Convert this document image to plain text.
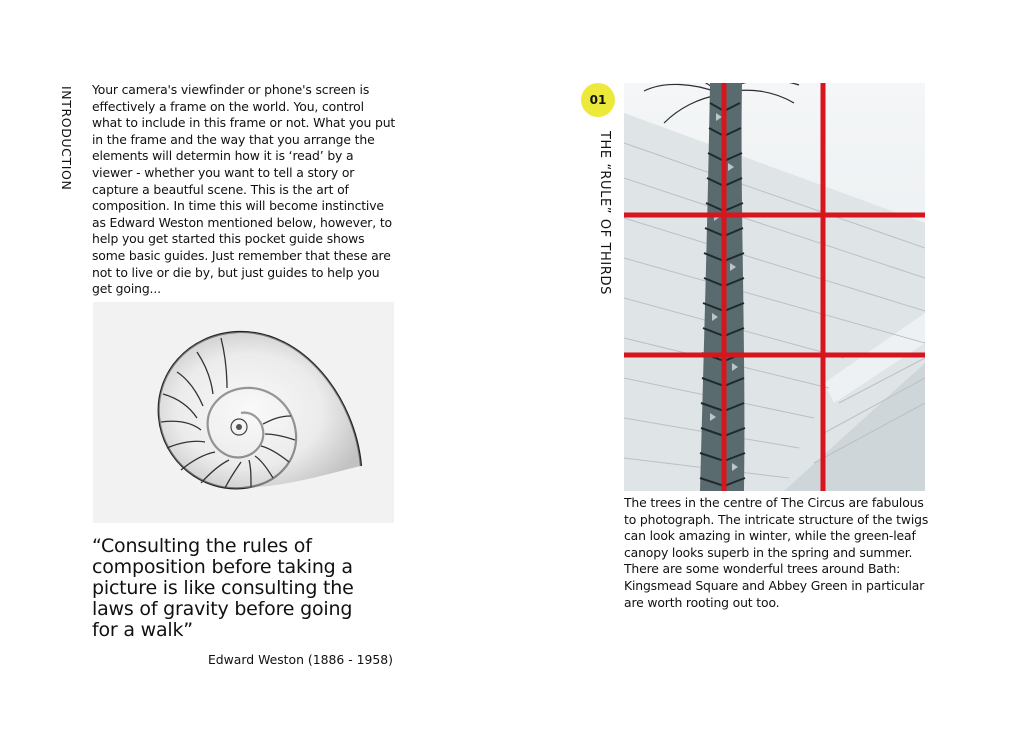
INTRODUCTION Your camera's viewfinder or phone's screen is effectively a frame on the world. You, control what to include in this frame or not. What you put in the frame and the way that you arrange the elements will determin how it is ‘read’ by a viewer - whether you want to tell a story or capture a beautful scene. This is the art of composition. In time this will become instinctive as Edward Weston mentioned below, however, to help you get started this pocket guide shows some basic guides. Just remember that these are not to live or die by, but just guides to help you get going...

“Consulting the rules of composition before taking a picture is like consulting the laws of gravity before going for a walk”

Edward Weston (1886 - 1958)
01
THE “RULE” OF THIRDS

The trees in the centre of The Circus are fabulous to photograph. The intricate structure of the twigs can look amazing in winter, while the green-leaf canopy looks superb in the spring and summer. There are some wonderful trees around Bath: Kingsmead Square and Abbey Green in particular are worth rooting out too.
